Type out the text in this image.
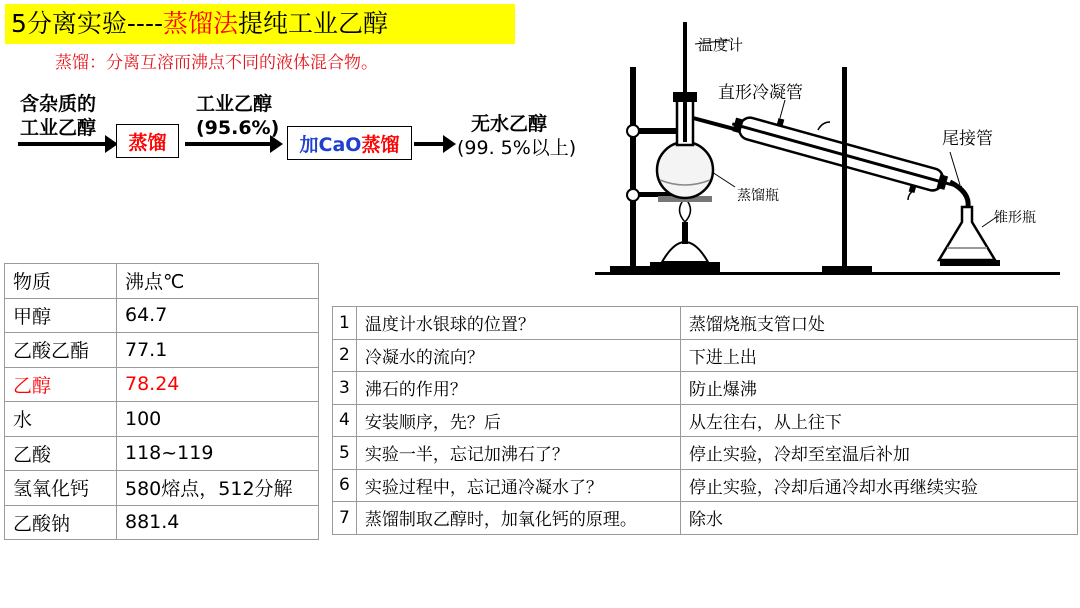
5分离实验----蒸馏法提纯工业乙醇
蒸馏：分离互溶而沸点不同的液体混合物。
含杂质的
工业乙醇
蒸馏
工业乙醇
(95.6%)
加CaO 蒸馏
无水乙醇
(99. 5%以上)
温度计
直形冷凝管
尾接管
蒸馏瓶
锥形瓶
物质	沸点℃
甲醇	64.7
乙酸乙酯	77.1
乙醇	78.24
水	100
乙酸	118~119
氢氧化钙	580熔点，512分解
乙酸钠	881.4
1	温度计水银球的位置？	蒸馏烧瓶支管口处
2	冷凝水的流向？	下进上出
3	沸石的作用？	防止爆沸
4	安装顺序，先？后	从左往右，从上往下
5	实验一半，忘记加沸石了？	停止实验，冷却至室温后补加
6	实验过程中，忘记通冷凝水了？	停止实验，冷却后通冷却水再继续实验
7	蒸馏制取乙醇时，加氧化钙的原理。	除水
